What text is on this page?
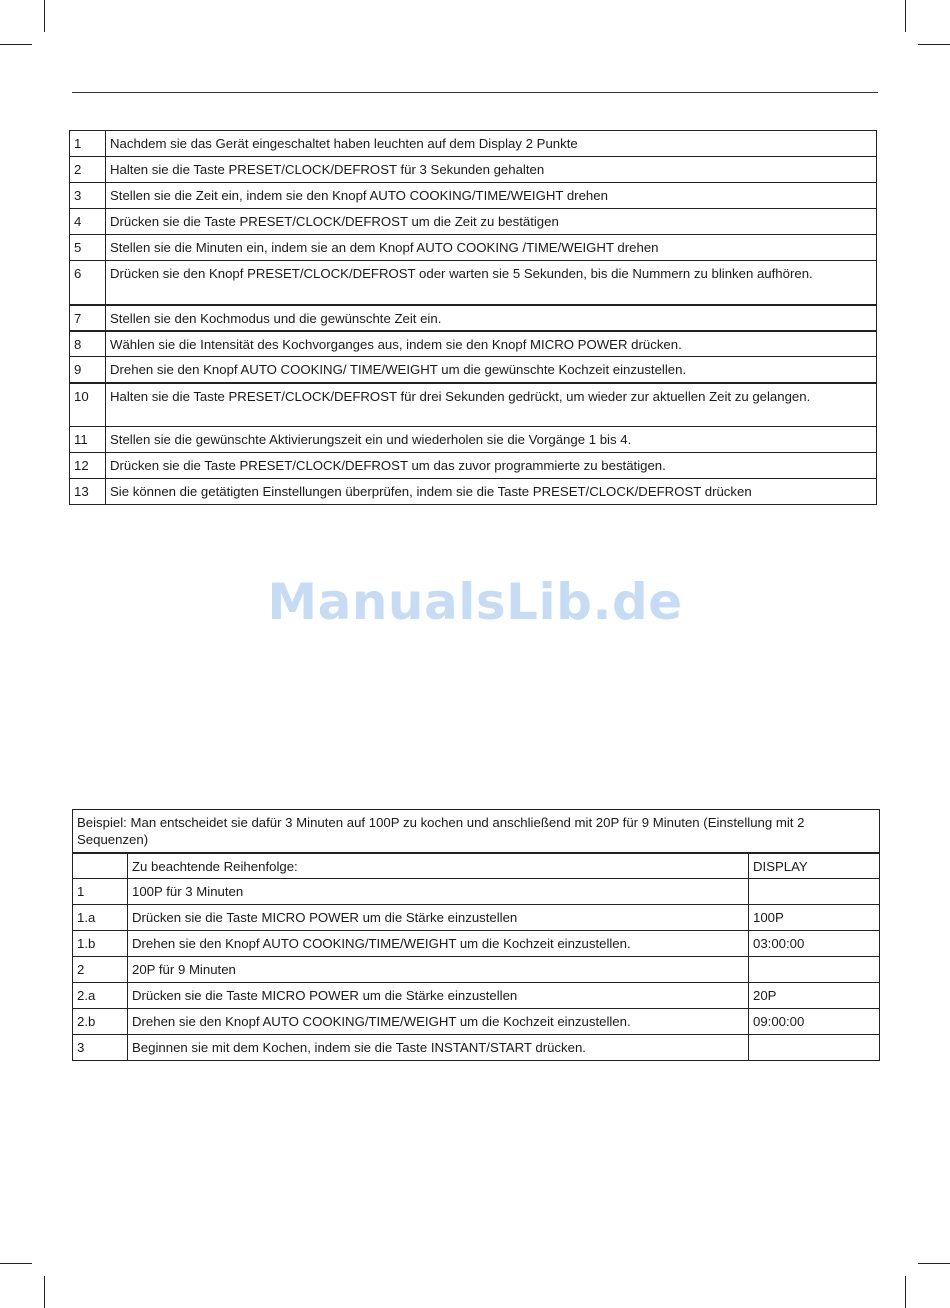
1	Nachdem sie das Gerät eingeschaltet haben leuchten auf dem Display 2 Punkte
2	Halten sie die Taste PRESET/CLOCK/DEFROST für 3 Sekunden gehalten
3	Stellen sie die Zeit ein, indem sie den Knopf AUTO COOKING/TIME/WEIGHT drehen
4	Drücken sie die Taste PRESET/CLOCK/DEFROST um die Zeit zu bestätigen
5	Stellen sie die Minuten ein, indem sie an dem Knopf AUTO COOKING /TIME/WEIGHT drehen
6	Drücken sie den Knopf PRESET/CLOCK/DEFROST oder warten sie 5 Sekunden, bis die Nummern zu blinken aufhören.
7	Stellen sie den Kochmodus und die gewünschte Zeit ein.
8	Wählen sie die Intensität des Kochvorganges aus, indem sie den Knopf MICRO POWER drücken.
9	Drehen sie den Knopf AUTO COOKING/ TIME/WEIGHT um die gewünschte Kochzeit einzustellen.
10	Halten sie die Taste PRESET/CLOCK/DEFROST für drei Sekunden gedrückt, um wieder zur aktuellen Zeit zu gelangen.
11	Stellen sie die gewünschte Aktivierungszeit ein und wiederholen sie die Vorgänge 1 bis 4.
12	Drücken sie die Taste PRESET/CLOCK/DEFROST um das zuvor programmierte zu bestätigen.
13	Sie können die getätigten Einstellungen überprüfen, indem sie die Taste PRESET/CLOCK/DEFROST drücken
ManualsLib.de
Beispiel: Man entscheidet sie dafür 3 Minuten auf 100P zu kochen und anschließend mit 20P für 9 Minuten (Einstellung mit 2 Sequenzen)		
	Zu beachtende Reihenfolge:	DISPLAY
1	100P für 3 Minuten	
1.a	Drücken sie die Taste MICRO POWER um die Stärke einzustellen	100P
1.b	Drehen sie den Knopf AUTO COOKING/TIME/WEIGHT um die Kochzeit einzustellen.	03:00:00
2	20P für 9 Minuten	
2.a	Drücken sie die Taste MICRO POWER um die Stärke einzustellen	20P
2.b	Drehen sie den Knopf AUTO COOKING/TIME/WEIGHT um die Kochzeit einzustellen.	09:00:00
3	Beginnen sie mit dem Kochen, indem sie die Taste INSTANT/START drücken.	
